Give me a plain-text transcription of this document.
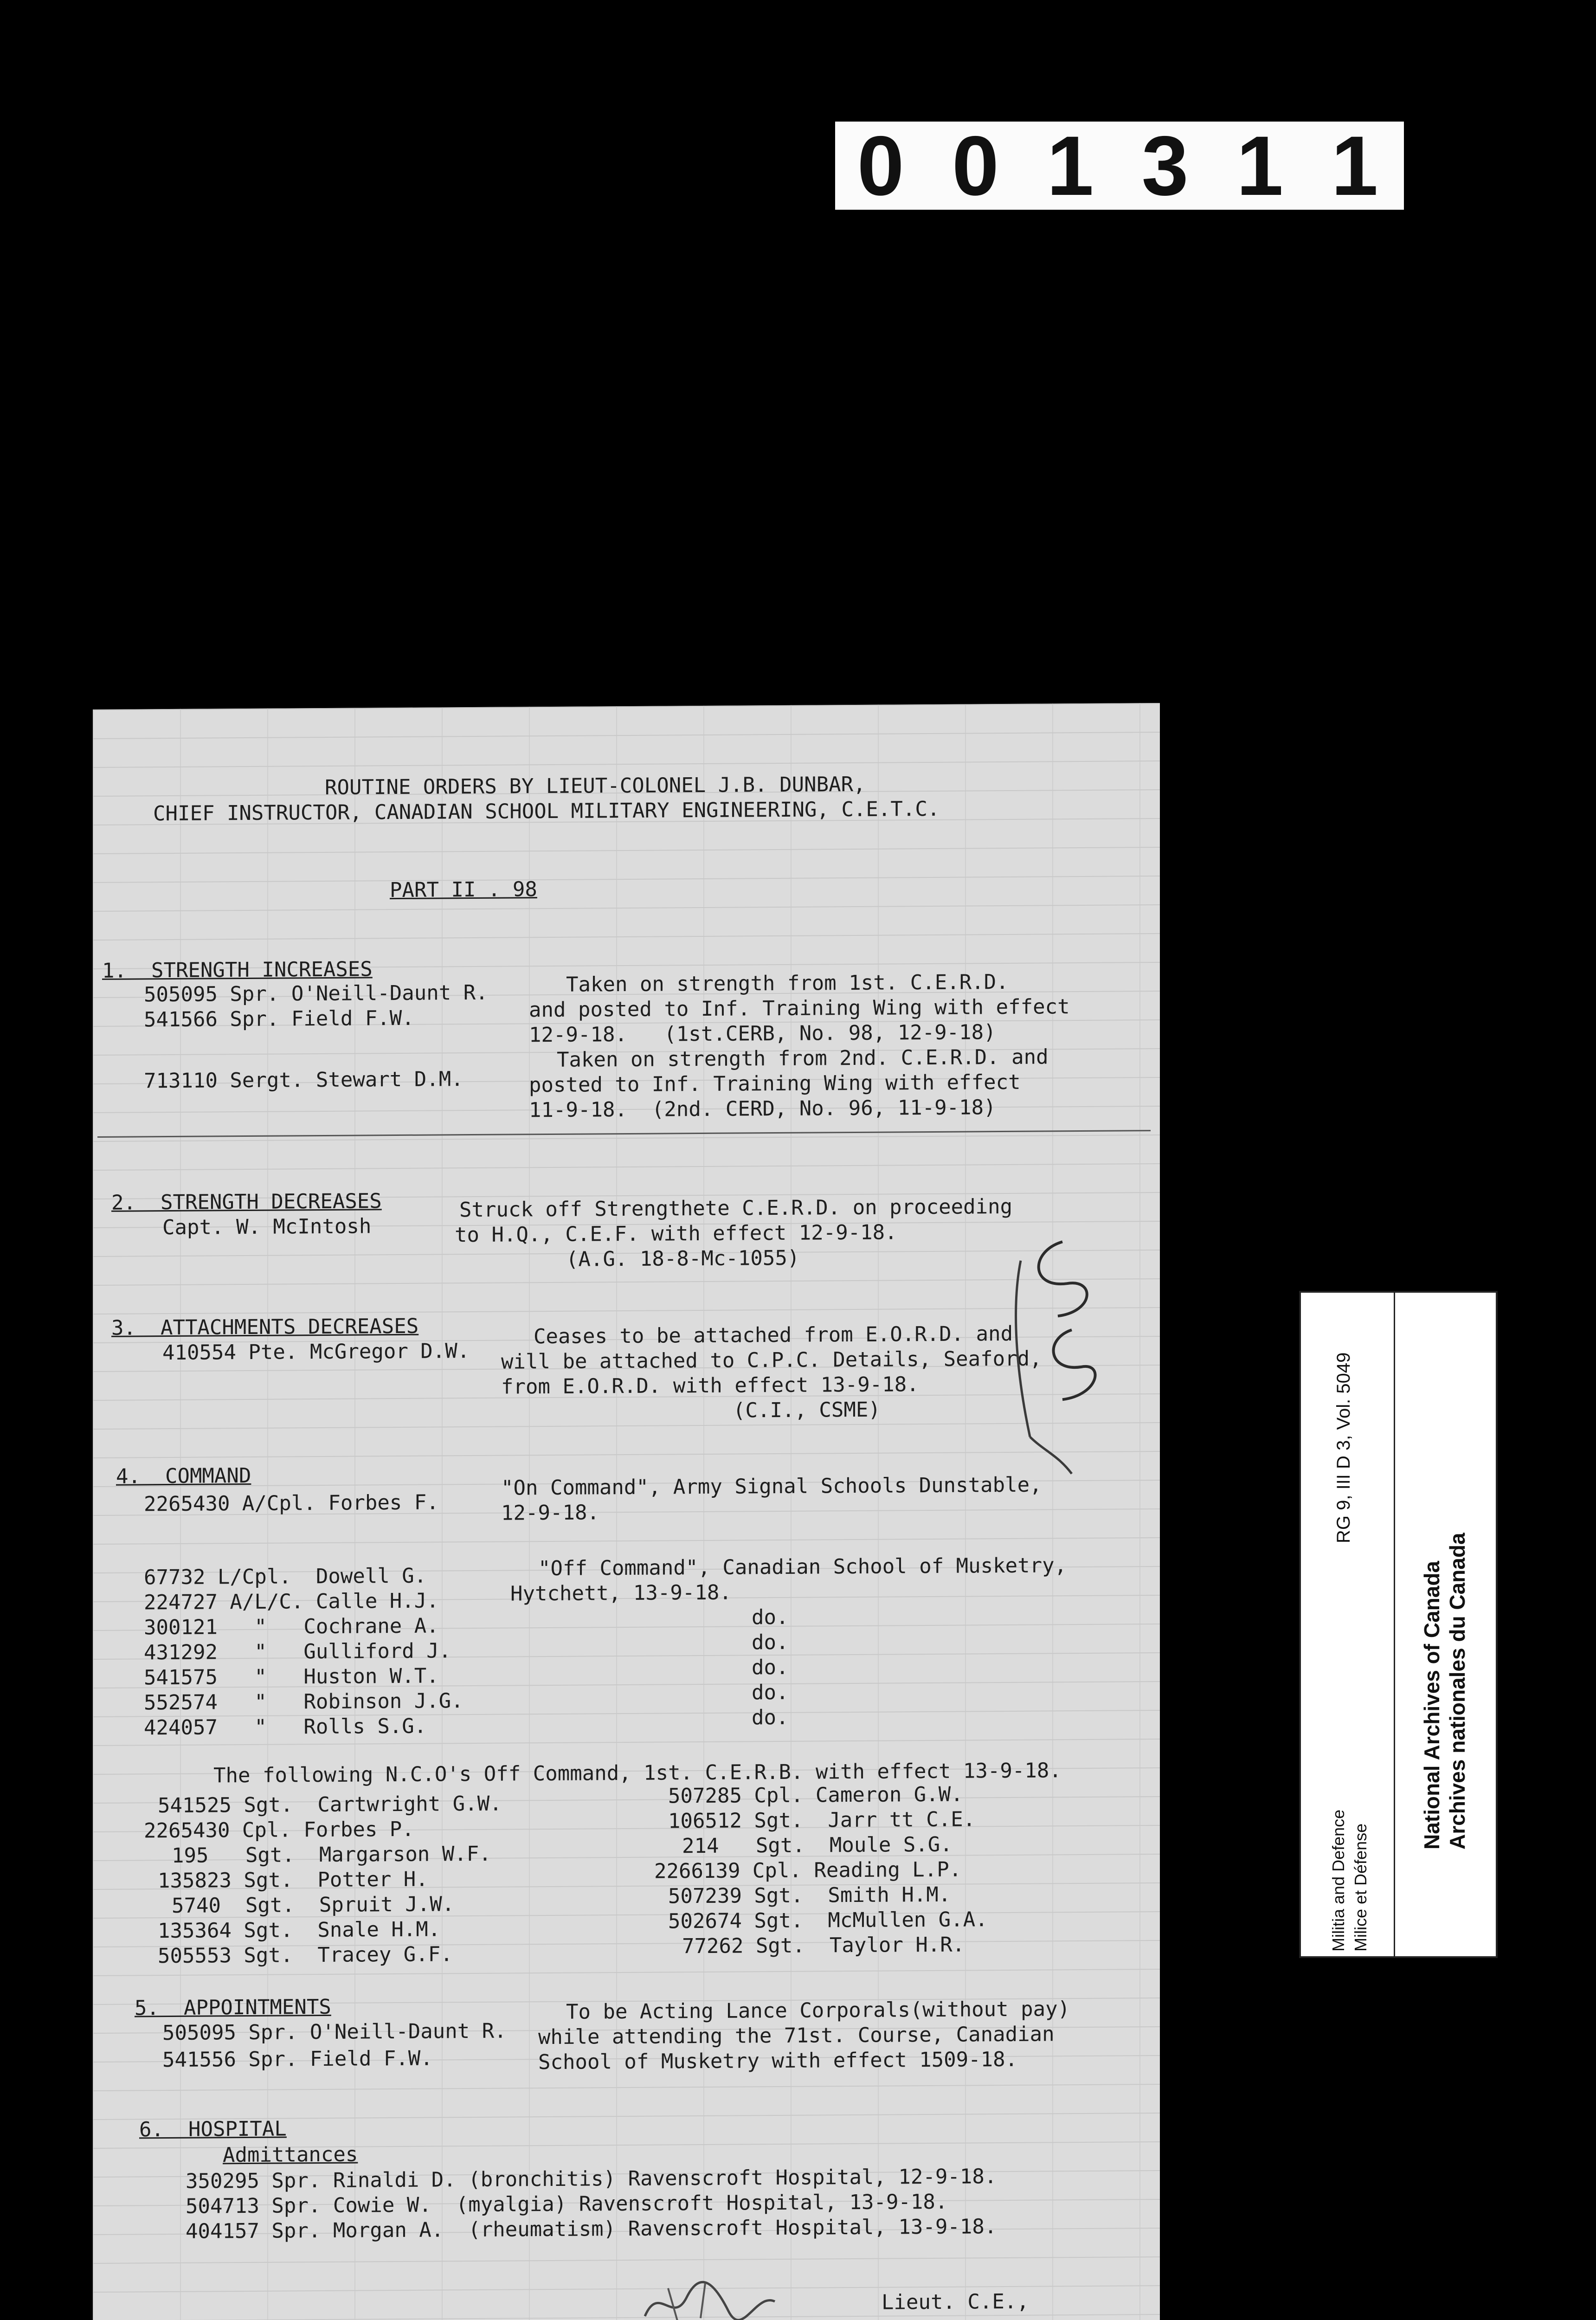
0 0 1 3 1 1
ROUTINE ORDERS BY LIEUT-COLONEL J.B. DUNBAR,
CHIEF INSTRUCTOR, CANADIAN SCHOOL MILITARY ENGINEERING, C.E.T.C.
PART II . 98
1.  STRENGTH INCREASES
505095 Spr. O'Neill-Daunt R.
541566 Spr. Field F.W.
713110 Sergt. Stewart D.M.
Taken on strength from 1st. C.E.R.D.
and posted to Inf. Training Wing with effect
12-9-18.   (1st.CERB, No. 98, 12-9-18)
Taken on strength from 2nd. C.E.R.D. and
posted to Inf. Training Wing with effect
11-9-18.  (2nd. CERD, No. 96, 11-9-18)
2.  STRENGTH DECREASES
Capt. W. McIntosh
Struck off Strengthete C.E.R.D. on proceeding
to H.Q., C.E.F. with effect 12-9-18.
(A.G. 18-8-Mc-1055)
3.  ATTACHMENTS DECREASES
410554 Pte. McGregor D.W.
Ceases to be attached from E.O.R.D. and
will be attached to C.P.C. Details, Seaford,
from E.O.R.D. with effect 13-9-18.
(C.I., CSME)
4.  COMMAND
2265430 A/Cpl. Forbes F.
"On Command", Army Signal Schools Dunstable,
12-9-18.
67732 L/Cpl.  Dowell G.
224727 A/L/C. Calle H.J.
300121   "   Cochrane A.
431292   "   Gulliford J.
541575   "   Huston W.T.
552574   "   Robinson J.G.
424057   "   Rolls S.G.
"Off Command", Canadian School of Musketry,
Hytchett, 13-9-18.
do.
do.
do.
do.
do.
The following N.C.O's Off Command, 1st. C.E.R.B. with effect 13-9-18.
541525 Sgt.  Cartwright G.W.
2265430 Cpl. Forbes P.
195   Sgt.  Margarson W.F.
135823 Sgt.  Potter H.
5740  Sgt.  Spruit J.W.
135364 Sgt.  Snale H.M.
505553 Sgt.  Tracey G.F.
507285 Cpl. Cameron G.W.
106512 Sgt.  Jarr tt C.E.
214   Sgt.  Moule S.G.
2266139 Cpl. Reading L.P.
507239 Sgt.  Smith H.M.
502674 Sgt.  McMullen G.A.
77262 Sgt.  Taylor H.R.
5.  APPOINTMENTS
505095 Spr. O'Neill-Daunt R.
541556 Spr. Field F.W.
To be Acting Lance Corporals(without pay)
while attending the 71st. Course, Canadian
School of Musketry with effect 1509-18.
6.  HOSPITAL
Admittances
350295 Spr. Rinaldi D. (bronchitis) Ravenscroft Hospital, 12-9-18.
504713 Spr. Cowie W.  (myalgia) Ravenscroft Hospital, 13-9-18.
404157 Spr. Morgan A.  (rheumatism) Ravenscroft Hospital, 13-9-18.
Lieut. C.E.,
Militia and Defence Milice et Défense
RG 9, III D 3, Vol. 5049
National Archives of Canada Archives nationales du Canada
